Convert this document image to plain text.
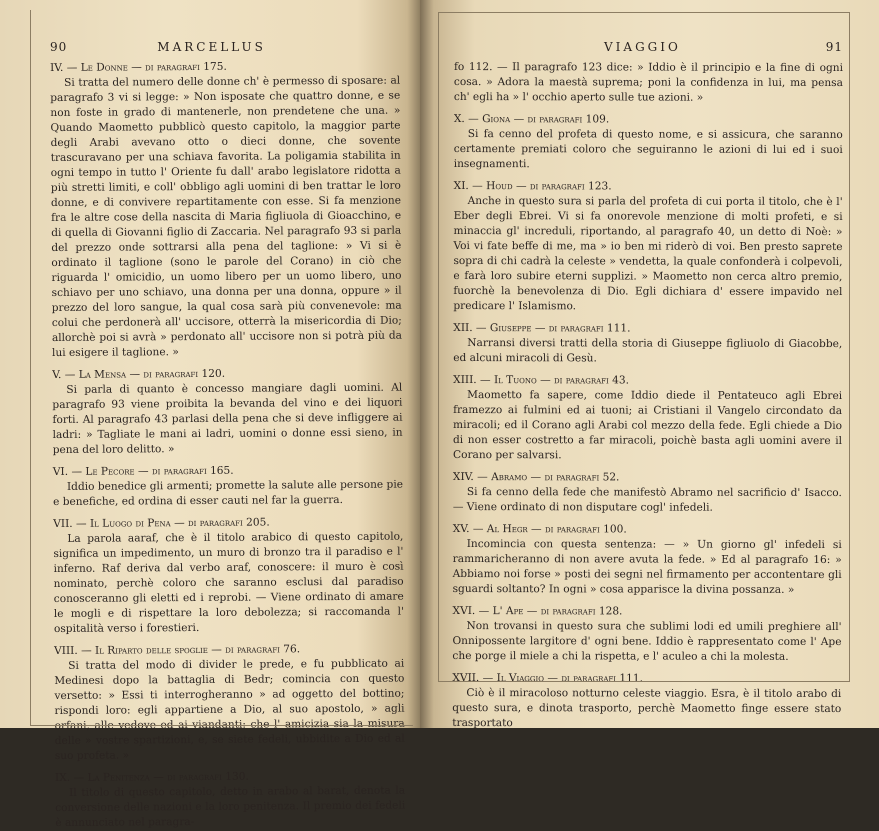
90	MARCELLUS
IV. — Le Donne — di paragrafi 175.

Si tratta del numero delle donne ch' è permesso di sposare: al paragrafo 3 vi si legge: » Non isposate che quattro donne, e se non foste in grado di mantenerle, non prendetene che una. » Quando Maometto pubblicò questo capitolo, la maggior parte degli Arabi avevano otto o dieci donne, che sovente trascuravano per una schiava favorita. La poligamia stabilita in ogni tempo in tutto l' Oriente fu dall' arabo legislatore ridotta a più stretti limiti, e coll' obbligo agli uomini di ben trattar le loro donne, e di convivere repartitamente con esse. Si fa menzione fra le altre cose della nascita di Maria figliuola di Gioacchino, e di quella di Giovanni figlio di Zaccaria. Nel paragrafo 93 si parla del prezzo onde sottrarsi alla pena del taglione: » Vi si è ordinato il taglione (sono le parole del Corano) in ciò che riguarda l' omicidio, un uomo libero per un uomo libero, uno schiavo per uno schiavo, una donna per una donna, oppure » il prezzo del loro sangue, la qual cosa sarà più convenevole: ma colui che perdonerà all' uccisore, otterrà la misericordia di Dio; allorchè poi si avrà » perdonato all' uccisore non si potrà più da lui esigere il taglione. »

V. — La Mensa — di paragrafi 120.

Si parla di quanto è concesso mangiare dagli uomini. Al paragrafo 93 viene proibita la bevanda del vino e dei liquori forti. Al paragrafo 43 parlasi della pena che si deve infliggere ai ladri: » Tagliate le mani ai ladri, uomini o donne essi sieno, in pena del loro delitto. »

VI. — Le Pecore — di paragrafi 165.

Iddio benedice gli armenti; promette la salute alle persone pie e benefiche, ed ordina di esser cauti nel far la guerra.

VII. — Il Luogo di Pena — di paragrafi 205.

La parola aaraf, che è il titolo arabico di questo capitolo, significa un impedimento, un muro di bronzo tra il paradiso e l' inferno. Raf deriva dal verbo araf, conoscere: il muro è così nominato, perchè coloro che saranno esclusi dal paradiso conosceranno gli eletti ed i reprobi. — Viene ordinato di amare le mogli e di rispettare la loro debolezza; si raccomanda l' ospitalità verso i forestieri.

VIII. — Il Riparto delle spoglie — di paragrafi 76.

Si tratta del modo di divider le prede, e fu pubblicato ai Medinesi dopo la battaglia di Bedr; comincia con questo versetto: » Essi ti interrogheranno » ad oggetto del bottino; rispondi loro: egli appartiene a Dio, al suo apostolo, » agli orfani, alle vedove ed ai viandanti: che l' amicizia sia la misura delle » vostre spartizioni, e, se siete fedeli, ubbidite a Dio ed al suo profeta. »

IX. — La Penitenza — di paragrafi 130.

Il titolo di questo capitolo, detto in arabo al barat, denota la conversione delle nazioni e la loro penitenza. Il premio dei fedeli è annunciato nel paragra-

VIAGGIO	91

fo 112. — Il paragrafo 123 dice: » Iddio è il principio e la fine di ogni cosa. » Adora la maestà suprema; poni la confidenza in lui, ma pensa ch' egli ha » l' occhio aperto sulle tue azioni. »

X. — Giona — di paragrafi 109.

Si fa cenno del profeta di questo nome, e si assicura, che saranno certamente premiati coloro che seguiranno le azioni di lui ed i suoi insegnamenti.

XI. — Houd — di paragrafi 123.

Anche in questo sura si parla del profeta di cui porta il titolo, che è l' Eber degli Ebrei. Vi si fa onorevole menzione di molti profeti, e si minaccia gl' increduli, riportando, al paragrafo 40, un detto di Noè: » Voi vi fate beffe di me, ma » io ben mi riderò di voi. Ben presto saprete sopra di chi cadrà la celeste » vendetta, la quale confonderà i colpevoli, e farà loro subire eterni supplizi. » Maometto non cerca altro premio, fuorchè la benevolenza di Dio. Egli dichiara d' essere impavido nel predicare l' Islamismo.

XII. — Giuseppe — di paragrafi 111.

Narransi diversi tratti della storia di Giuseppe figliuolo di Giacobbe, ed alcuni miracoli di Gesù.

XIII. — Il Tuono — di paragrafi 43.

Maometto fa sapere, come Iddio diede il Pentateuco agli Ebrei framezzo ai fulmini ed ai tuoni; ai Cristiani il Vangelo circondato da miracoli; ed il Corano agli Arabi col mezzo della fede. Egli chiede a Dio di non esser costretto a far miracoli, poichè basta agli uomini avere il Corano per salvarsi.

XIV. — Abramo — di paragrafi 52.

Si fa cenno della fede che manifestò Abramo nel sacrificio d' Isacco. — Viene ordinato di non disputare cogl' infedeli.

XV. — Al Hegr — di paragrafi 100.

Incomincia con questa sentenza: — » Un giorno gl' infedeli si rammaricheranno di non avere avuta la fede. » Ed al paragrafo 16: » Abbiamo noi forse » posti dei segni nel firmamento per accontentare gli sguardi soltanto? In ogni » cosa apparisce la divina possanza. »

XVI. — L' Ape — di paragrafi 128.

Non trovansi in questo sura che sublimi lodi ed umili preghiere all' Onnipossente largitore d' ogni bene. Iddio è rappresentato come l' Ape che porge il miele a chi la rispetta, e l' aculeo a chi la molesta.

XVII. — Il Viaggio — di paragrafi 111.

Ciò è il miracoloso notturno celeste viaggio. Esra, è il titolo arabo di questo sura, e dinota trasporto, perchè Maometto finge essere stato trasportato
